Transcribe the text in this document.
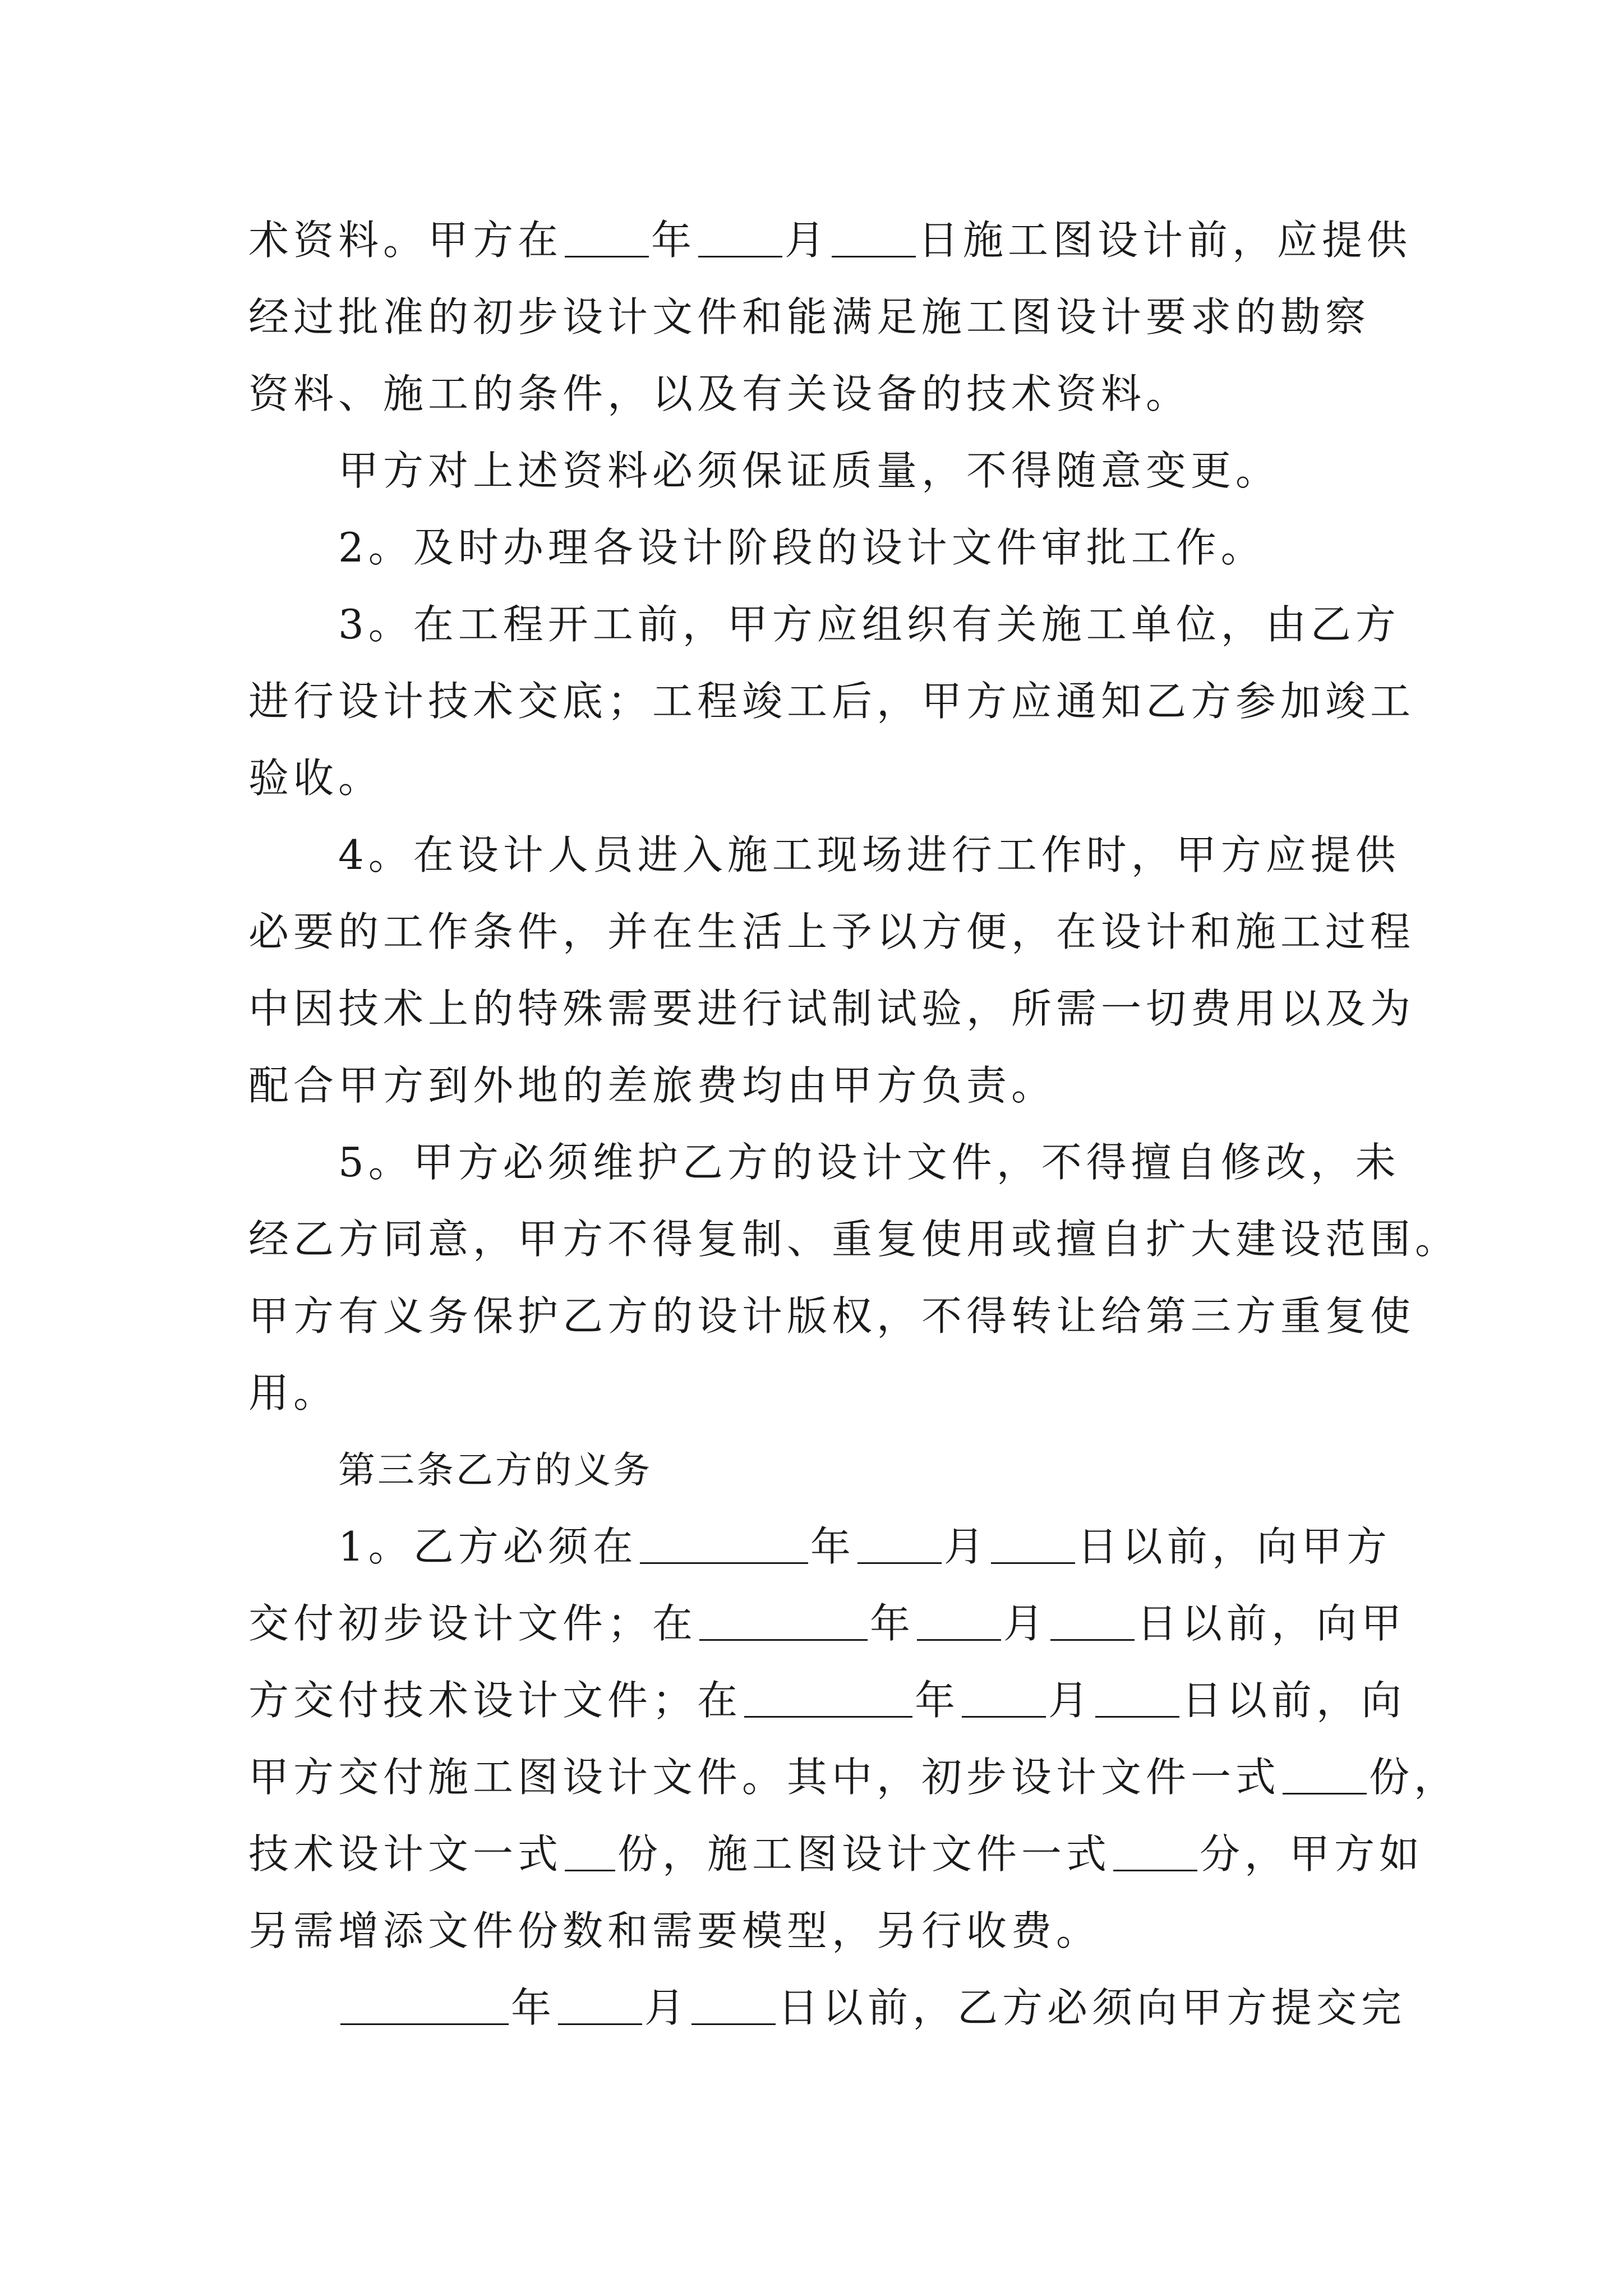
术资料。甲方在 年 月 日施工图设计前，应提供
经过批准的初步设计文件和能满足施工图设计要求的勘察
资料、施工的条件，以及有关设备的技术资料。
甲方对上述资料必须保证质量，不得随意变更。
2。及时办理各设计阶段的设计文件审批工作。
3。在工程开工前，甲方应组织有关施工单位，由乙方
进行设计技术交底；工程竣工后，甲方应通知乙方参加竣工
验收。
4。在设计人员进入施工现场进行工作时，甲方应提供
必要的工作条件，并在生活上予以方便，在设计和施工过程
中因技术上的特殊需要进行试制试验，所需一切费用以及为
配合甲方到外地的差旅费均由甲方负责。
5。甲方必须维护乙方的设计文件，不得擅自修改，未
经乙方同意，甲方不得复制、重复使用或擅自扩大建设范围。
甲方有义务保护乙方的设计版权，不得转让给第三方重复使
用。
第三条乙方的义务
1。乙方必须在	年 月 日以前，向甲方
交付初步设计文件；在	年 月 日以前，向甲
方交付技术设计文件；在	年 月 日以前，向
甲方交付施工图设计文件。其中，初步设计文件一式 份，
技术设计文一式 份，施工图设计文件一式 分，甲方如
另需增添文件份数和需要模型，另行收费。
年 月 日以前，乙方必须向甲方提交完
